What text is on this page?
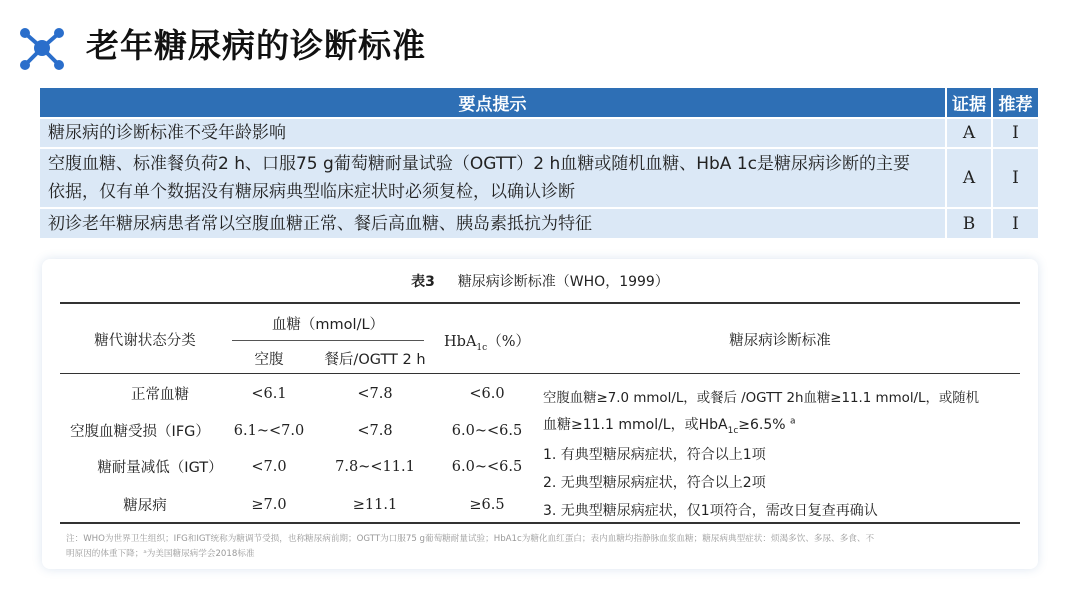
老年糖尿病的诊断标准
要点提示	证据	推荐
糖尿病的诊断标准不受年龄影响	A	I

空腹血糖、标准餐负荷2 h、口服75 g葡萄糖耐量试验（OGTT）2 h血糖或随机血糖、HbA 1c是糖尿病诊断的主要
依据，仅有单个数据没有糖尿病典型临床症状时必须复检，以确认诊断	A	I
初诊老年糖尿病患者常以空腹血糖正常、餐后高血糖、胰岛素抵抗为特征	B	I
表3 糖尿病诊断标准（WHO，1999）
糖代谢状态分类
血糖（mmol/L）
空腹	餐后/OGTT 2 h
HbA$_{1c}$（%）	糖尿病诊断标准
正常血糖	<6.1	<7.8	<6.0
空腹血糖受损（IFG）	6.1~<7.0	<7.8	6.0~<6.5
糖耐量减低（IGT）	<7.0	7.8~<11.1	6.0~<6.5
糖尿病	≥7.0	≥11.1	≥6.5
空腹血糖≥7.0 mmol/L，或餐后 /OGTT 2h血糖≥11.1 mmol/L，或随机
血糖≥11.1 mmol/L，或HbA$_{1c}$≥6.5% $^a$
1. 有典型糖尿病症状，符合以上1项
2. 无典型糖尿病症状，符合以上2项
3. 无典型糖尿病症状，仅1项符合，需改日复查再确认
注：WHO为世界卫生组织；IFG和IGT统称为糖调节受损，也称糖尿病前期；OGTT为口服75 g葡萄糖耐量试验；HbA1c为糖化血红蛋白；表内血糖均指静脉血浆血糖；糖尿病典型症状：烦渴多饮、多尿、多食、不
明原因的体重下降；ᵃ为美国糖尿病学会2018标准
